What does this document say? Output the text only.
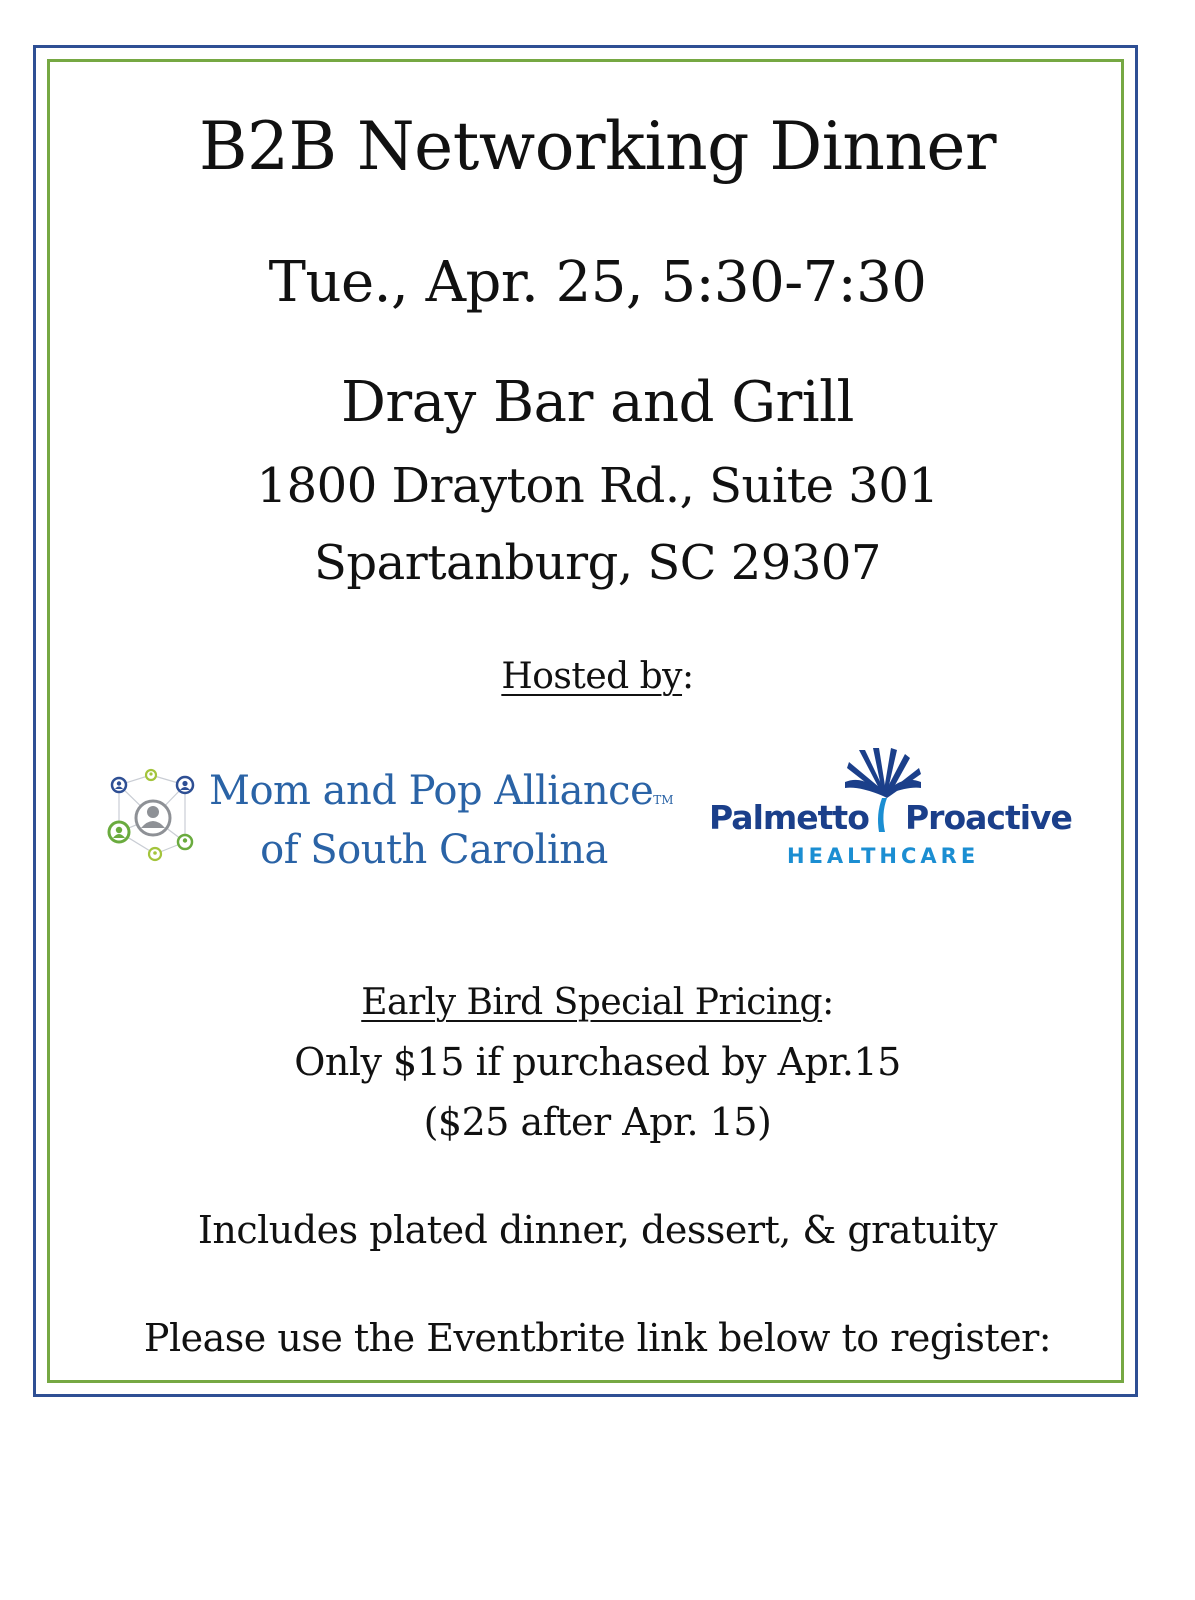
B2B Networking Dinner
Tue., Apr. 25, 5:30-7:30
Dray Bar and Grill
1800 Drayton Rd., Suite 301
Spartanburg, SC 29307
Hosted by:
Mom and Pop AllianceTM
of South Carolina
Palmetto Proactive
HEALTHCARE
Early Bird Special Pricing:
Only $15 if purchased by Apr.15
($25 after Apr. 15)
Includes plated dinner, dessert, & gratuity
Please use the Eventbrite link below to register:
